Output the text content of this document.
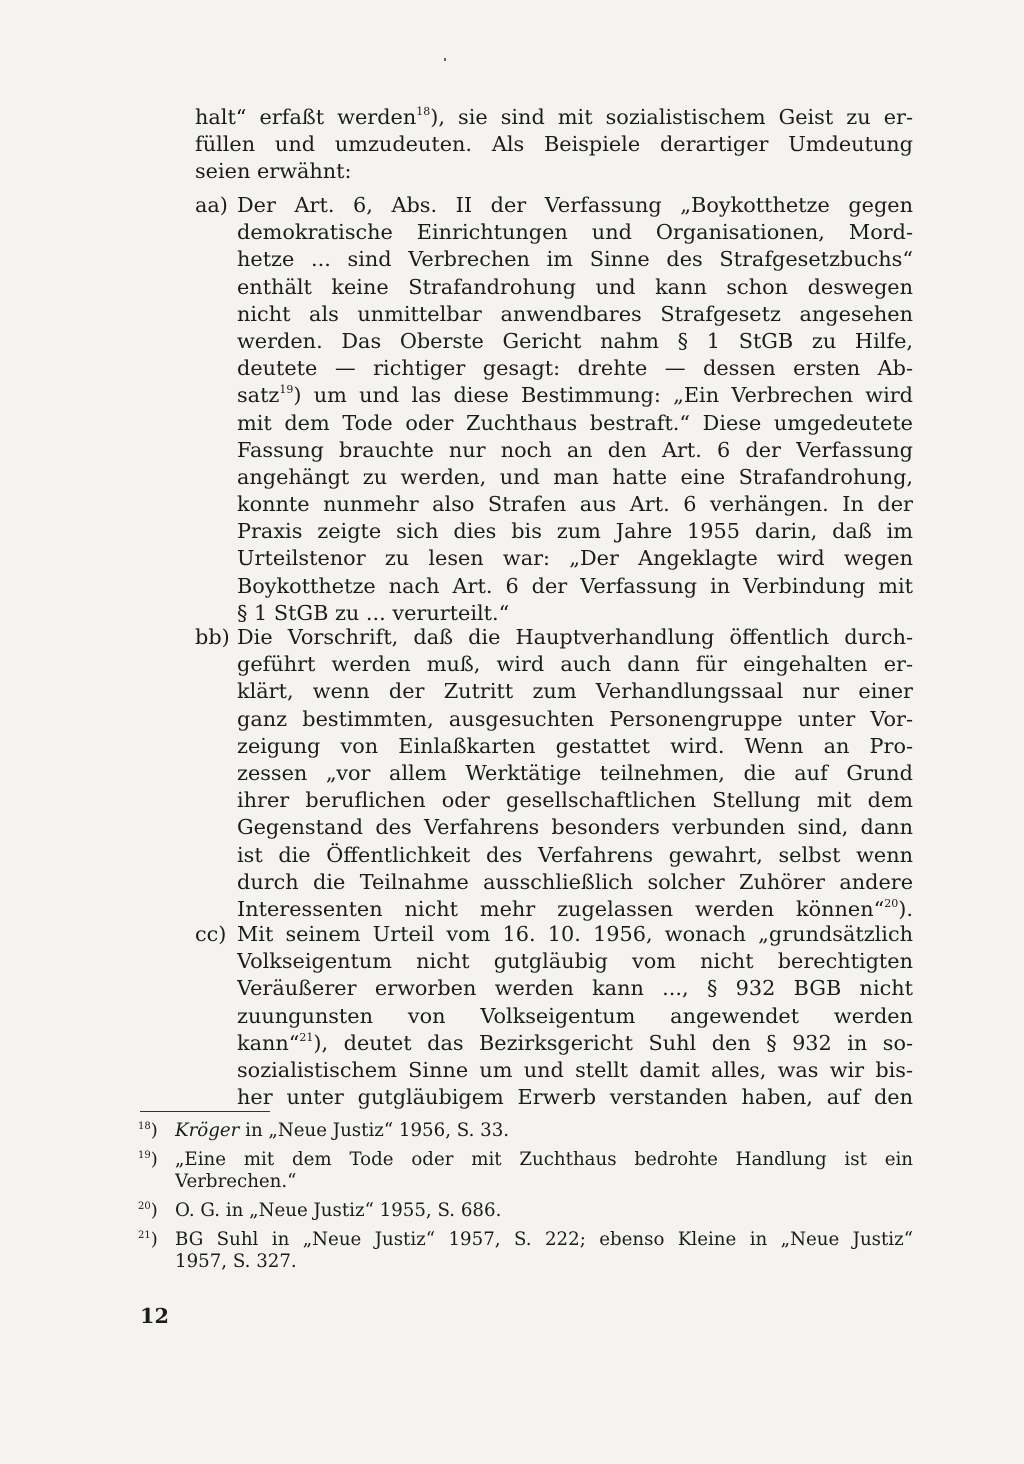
halt“ erfaßt werden$^{18}$), sie sind mit sozialistischem Geist zu er-
füllen und umzudeuten. Als Beispiele derartiger Umdeutung
seien erwähnt:
aa) Der Art. 6, Abs. II der Verfassung „Boykotthetze gegen
demokratische Einrichtungen und Organisationen, Mord-
hetze ... sind Verbrechen im Sinne des Strafgesetzbuchs“
enthält keine Strafandrohung und kann schon deswegen
nicht als unmittelbar anwendbares Strafgesetz angesehen
werden. Das Oberste Gericht nahm § 1 StGB zu Hilfe,
deutete — richtiger gesagt: drehte — dessen ersten Ab-
satz$^{19}$) um und las diese Bestimmung: „Ein Verbrechen wird
mit dem Tode oder Zuchthaus bestraft.“ Diese umgedeutete
Fassung brauchte nur noch an den Art. 6 der Verfassung
angehängt zu werden, und man hatte eine Strafandrohung,
konnte nunmehr also Strafen aus Art. 6 verhängen. In der
Praxis zeigte sich dies bis zum Jahre 1955 darin, daß im
Urteilstenor zu lesen war: „Der Angeklagte wird wegen
Boykotthetze nach Art. 6 der Verfassung in Verbindung mit
§ 1 StGB zu ... verurteilt.“
bb) Die Vorschrift, daß die Hauptverhandlung öffentlich durch-
geführt werden muß, wird auch dann für eingehalten er-
klärt, wenn der Zutritt zum Verhandlungssaal nur einer
ganz bestimmten, ausgesuchten Personengruppe unter Vor-
zeigung von Einlaßkarten gestattet wird. Wenn an Pro-
zessen „vor allem Werktätige teilnehmen, die auf Grund
ihrer beruflichen oder gesellschaftlichen Stellung mit dem
Gegenstand des Verfahrens besonders verbunden sind, dann
ist die Öffentlichkeit des Verfahrens gewahrt, selbst wenn
durch die Teilnahme ausschließlich solcher Zuhörer andere
Interessenten nicht mehr zugelassen werden können“$^{20}$).
cc) Mit seinem Urteil vom 16. 10. 1956, wonach „grundsätzlich
Volkseigentum nicht gutgläubig vom nicht berechtigten
Veräußerer erworben werden kann ..., § 932 BGB nicht
zuungunsten von Volkseigentum angewendet werden
kann“$^{21}$), deutet das Bezirksgericht Suhl den § 932 in so-
sozialistischem Sinne um und stellt damit alles, was wir bis-
her unter gutgläubigem Erwerb verstanden haben, auf den
$^{18}$) Kröger in „Neue Justiz“ 1956, S. 33.
$^{19}$) „Eine mit dem Tode oder mit Zuchthaus bedrohte Handlung ist ein
Verbrechen.“
$^{20}$) O. G. in „Neue Justiz“ 1955, S. 686.
$^{21}$) BG Suhl in „Neue Justiz“ 1957, S. 222; ebenso Kleine in „Neue Justiz“
1957, S. 327.
12
